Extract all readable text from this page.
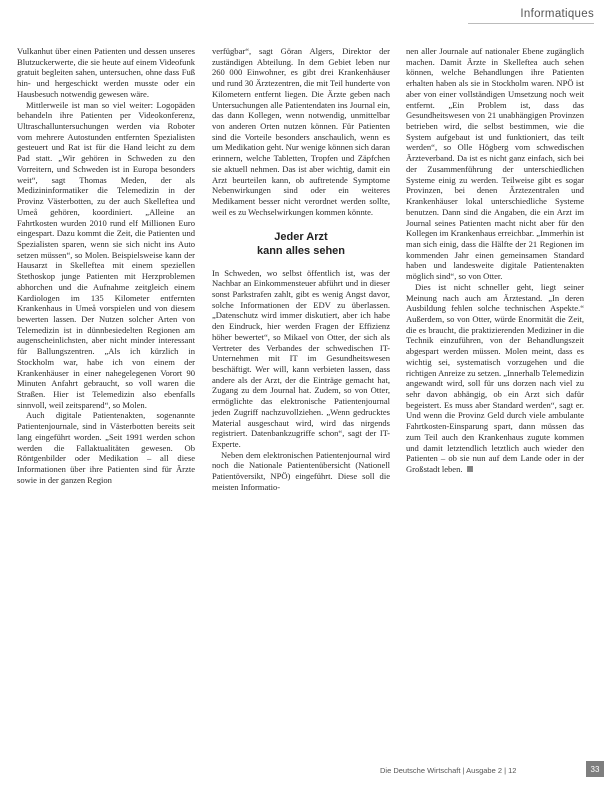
Informatiques

Vulkanhut über einen Patienten und dessen unseres Blutzuckerwerte, die sie heute auf einem Videofunk gratuit begleiten sahen, untersuchen, ohne dass Fuß hin- und hergeschickt werden musste oder ein Hausbesuch notwendig gewesen wäre.

Mittlerweile ist man so viel weiter: Logopäden behandeln ihre Patienten per Videokonferenz, Ultraschalluntersuchungen werden via Roboter vom mehrere Autostunden entfernten Spezialisten gesteuert und Rat ist für die Hand leicht zu dem Pad statt. „Wir gehören in Schweden zu den Vorreitern, und Schweden ist in Europa besonders weit“, sagt Thomas Meden, der als Medizininformatiker die Telemedizin in der Provinz Västerbotten, zu der auch Skelleftea und Umeå gehören, koordiniert. „Alleine an Fahrtkosten wurden 2010 rund elf Millionen Euro eingespart. Dazu kommt die Zeit, die Patienten und Spezialisten sparen, wenn sie sich nicht ins Auto setzen müssen“, so Molen. Beispielsweise kann der Hausarzt in Skelleftea mit einem speziellen Stethoskop junge Patienten mit Herzproblemen abhorchen und die Aufnahme zeitgleich einem Kardiologen im 135 Kilometer entfernten Krankenhaus in Umeå vorspielen und von diesem bewerten lassen. Der Nutzen solcher Arten von Telemedizin ist in dünnbesiedelten Regionen am augenscheinlichsten, aber nicht minder interessant für Ballungszentren. „Als ich kürzlich in Stockholm war, habe ich von einem der Krankenhäuser in einer nahegelegenen Vorort 90 Minuten Anfahrt gebraucht, so voll waren die Straßen. Hier ist Telemedizin also ebenfalls sinnvoll, weil zeitsparend“, so Molen.

Auch digitale Patientenakten, sogenannte Patientenjournale, sind in Västerbotten bereits seit lang eingeführt worden. „Seit 1991 werden schon werden die Fallaktualitäten gewesen. Ob Röntgenbilder oder Medikation – all diese Informationen über ihre Patienten sind für Ärzte sowie in der ganzen Region

verfügbar“, sagt Göran Algers, Direktor der zuständigen Abteilung. In dem Gebiet leben nur 260 000 Einwohner, es gibt drei Krankenhäuser und rund 30 Ärztezentren, die mit Teil hunderte von Kilometern entfernt liegen. Die Ärzte geben nach Untersuchungen alle Patientendaten ins Journal ein, das dann Kollegen, wenn notwendig, unmittelbar von anderen Orten nutzen können. Für Patienten sind die Vorteile besonders anschaulich, wenn es um Medikation geht. Nur wenige können sich daran erinnern, welche Tabletten, Tropfen und Zäpfchen sie aktuell nehmen. Das ist aber wichtig, damit ein Arzt beurteilen kann, ob auftretende Symptome Nebenwirkungen sind oder ein weiteres Medikament besser nicht verordnet werden sollte, weil es zu Wechselwirkungen kommen könnte.

Jeder Arzt
kann alles sehen

In Schweden, wo selbst öffentlich ist, was der Nachbar an Einkommensteuer abführt und in dieser sonst Parkstrafen zahlt, gibt es wenig Angst davor, solche Informationen der EDV zu überlassen. „Datenschutz wird immer diskutiert, aber ich habe den Eindruck, hier werden Fragen der Effizienz höher bewertet“, so Mikael von Otter, der sich als Vertreter des Verbandes der schwedischen IT-Unternehmen mit IT im Gesundheitswesen beschäftigt. Wer will, kann verbieten lassen, dass andere als der Arzt, der die Einträge gemacht hat, Zugang zu dem Journal hat. Zudem, so von Otter, ermöglichte das elektronische Patientenjournal jeden Zugriff nachzuvollziehen. „Wenn gedrucktes Material ausgeschaut wird, wird das nirgends registriert. Datenbankzugriffe schon“, sagt der IT-Experte.

Neben dem elektronischen Patientenjournal wird noch die Nationale Patientenübersicht (Nationell Patientöversikt, NPÖ) eingeführt. Diese soll die meisten Informatio-

nen aller Journale auf nationaler Ebene zugänglich machen. Damit Ärzte in Skelleftea auch sehen können, welche Behandlungen ihre Patienten erhalten haben als sie in Stockholm waren. NPÖ ist aber von einer vollständigen Umsetzung noch weit entfernt. „Ein Problem ist, dass das Gesundheitswesen von 21 unabhängigen Provinzen betrieben wird, die selbst bestimmen, wie die System aufgebaut ist und funktioniert, das teilt werden“, so Olle Högberg vom schwedischen Ärzteverband. Da ist es nicht ganz einfach, sich bei der Zusammenführung der unterschiedlichen Systeme einig zu werden. Teilweise gibt es sogar Provinzen, bei denen Ärztezentralen und Krankenhäuser lokal unterschiedliche Systeme benutzen. Dann sind die Angaben, die ein Arzt im Journal seines Patienten macht nicht aber für den Kollegen im Krankenhaus erreichbar. „Immerhin ist man sich einig, dass die Hälfte der 21 Regionen im kommenden Jahr einen gemeinsamen Standard haben und landesweite digitale Patientenakten möglich sind“, so von Otter.

Dies ist nicht schneller geht, liegt seiner Meinung nach auch am Ärztestand. „In deren Ausbildung fehlen solche technischen Aspekte.“ Außerdem, so von Otter, würde Enormität die Zeit, die es braucht, die praktizierenden Mediziner in die Technik einzuführen, von der Behandlungszeit abgespart werden müssen. Molen meint, dass es wichtig sei, systematisch vorzugehen und die richtigen Anreize zu setzen. „Innerhalb Telemedizin angewandt wird, soll für uns dorzen nach viel zu sehr davon abhängig, ob ein Arzt sich dafür begeistert. Es muss aber Standard werden“, sagt er. Und wenn die Provinz Geld durch viele ambulante Fahrtkosten-Einsparung spart, dann müssen das zum Teil auch den Krankenhaus zugute kommen und damit letztendlich letztlich auch wieder den Patienten – ob sie nun auf dem Lande oder in der Großstadt leben.

Die Deutsche Wirtschaft | Ausgabe 2 | 12	33
